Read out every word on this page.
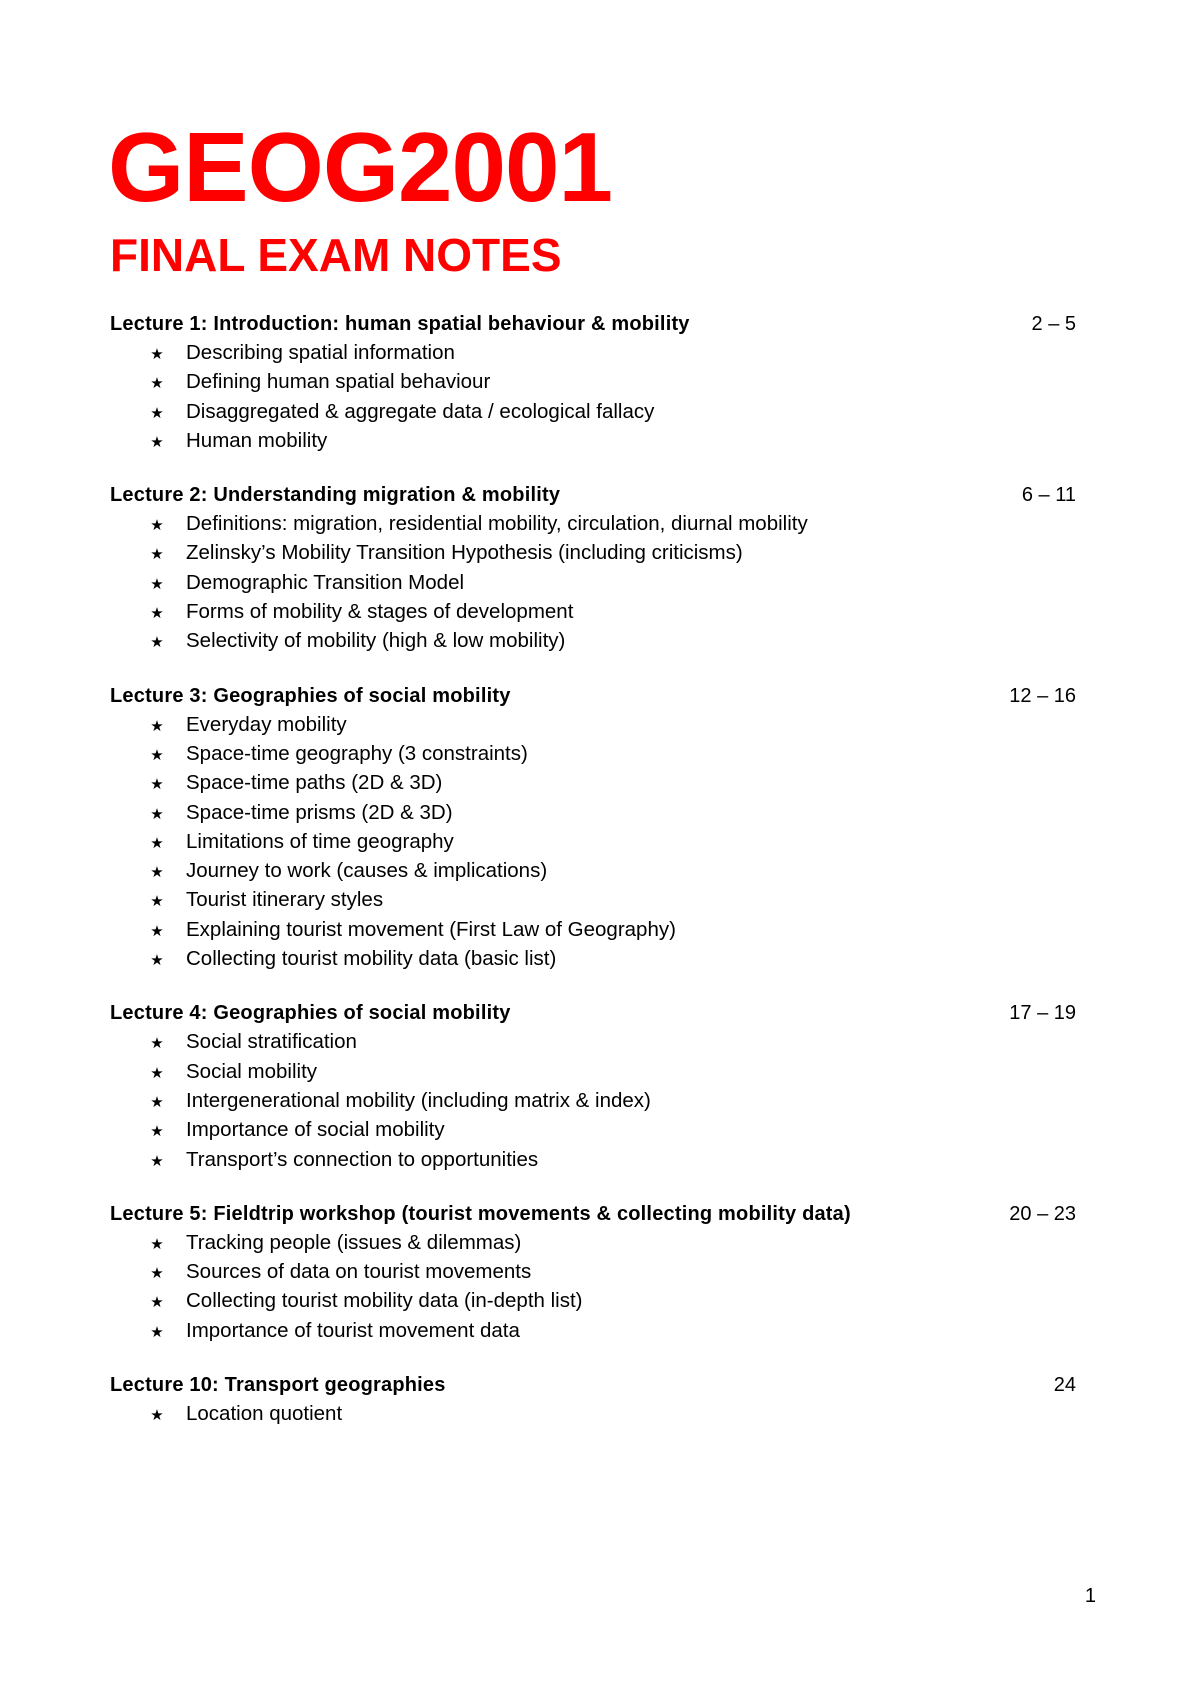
GEOG2001
FINAL EXAM NOTES
Lecture 1: Introduction: human spatial behaviour & mobility	2 – 5
★ Describing spatial information
★ Defining human spatial behaviour
★ Disaggregated & aggregate data / ecological fallacy
★ Human mobility
Lecture 2: Understanding migration & mobility	6 – 11
★ Definitions: migration, residential mobility, circulation, diurnal mobility
★ Zelinsky’s Mobility Transition Hypothesis (including criticisms)
★ Demographic Transition Model
★ Forms of mobility & stages of development
★ Selectivity of mobility (high & low mobility)
Lecture 3: Geographies of social mobility	12 – 16
★ Everyday mobility
★ Space-time geography (3 constraints)
★ Space-time paths (2D & 3D)
★ Space-time prisms (2D & 3D)
★ Limitations of time geography
★ Journey to work (causes & implications)
★ Tourist itinerary styles
★ Explaining tourist movement (First Law of Geography)
★ Collecting tourist mobility data (basic list)
Lecture 4: Geographies of social mobility	17 – 19
★ Social stratification
★ Social mobility
★ Intergenerational mobility (including matrix & index)
★ Importance of social mobility
★ Transport’s connection to opportunities
Lecture 5: Fieldtrip workshop (tourist movements & collecting mobility data)	20 – 23
★ Tracking people (issues & dilemmas)
★ Sources of data on tourist movements
★ Collecting tourist mobility data (in-depth list)
★ Importance of tourist movement data
Lecture 10: Transport geographies	24
★ Location quotient
1
